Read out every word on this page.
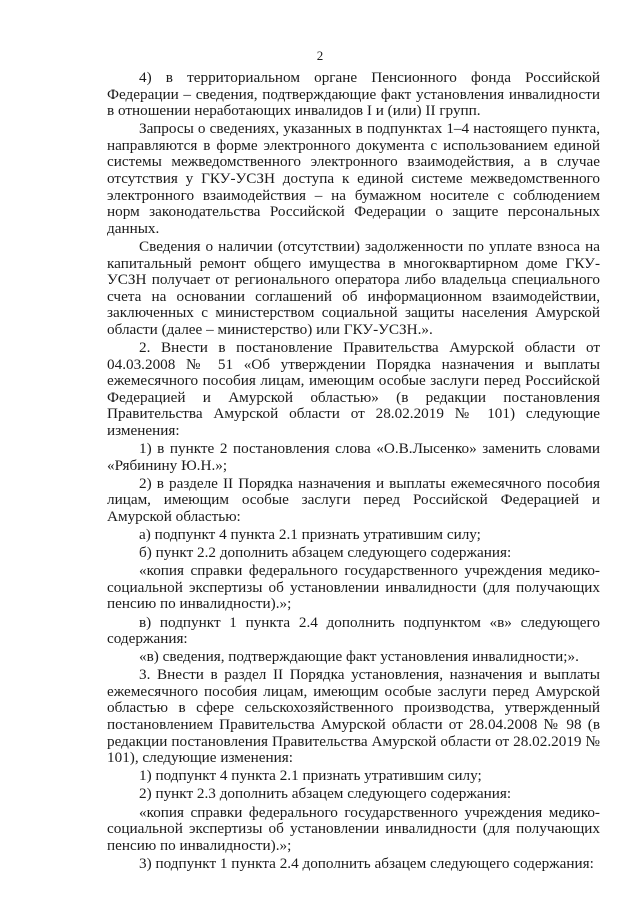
2

4) в территориальном органе Пенсионного фонда Российской Федерации – сведения, подтверждающие факт установления инвалидности в отношении неработающих инвалидов I и (или) II групп.

Запросы о сведениях, указанных в подпунктах 1–4 настоящего пункта, направляются в форме электронного документа с использованием единой системы межведомственного электронного взаимодействия, а в случае отсутствия у ГКУ-УСЗН доступа к единой системе межведомственного электронного взаимодействия – на бумажном носителе с соблюдением норм законодательства Российской Федерации о защите персональных данных.

Сведения о наличии (отсутствии) задолженности по уплате взноса на капитальный ремонт общего имущества в многоквартирном доме ГКУ-УСЗН получает от регионального оператора либо владельца специального счета на основании соглашений об информационном взаимодействии, заключенных с министерством социальной защиты населения Амурской области (далее – министерство) или ГКУ-УСЗН.».

2. Внести в постановление Правительства Амурской области от 04.03.2008 № 51 «Об утверждении Порядка назначения и выплаты ежемесячного пособия лицам, имеющим особые заслуги перед Российской Федерацией и Амурской областью» (в редакции постановления Правительства Амурской области от 28.02.2019 № 101) следующие изменения:

1) в пункте 2 постановления слова «О.В.Лысенко» заменить словами «Рябинину Ю.Н.»;

2) в разделе II Порядка назначения и выплаты ежемесячного пособия лицам, имеющим особые заслуги перед Российской Федерацией и Амурской областью:

а) подпункт 4 пункта 2.1 признать утратившим силу;

б) пункт 2.2 дополнить абзацем следующего содержания:

«копия справки федерального государственного учреждения медико-социальной экспертизы об установлении инвалидности (для получающих пенсию по инвалидности).»;

в) подпункт 1 пункта 2.4 дополнить подпунктом «в» следующего содержания:

«в) сведения, подтверждающие факт установления инвалидности;».

3. Внести в раздел II Порядка установления, назначения и выплаты ежемесячного пособия лицам, имеющим особые заслуги перед Амурской областью в сфере сельскохозяйственного производства, утвержденный постановлением Правительства Амурской области от 28.04.2008 № 98 (в редакции постановления Правительства Амурской области от 28.02.2019 № 101), следующие изменения:

1) подпункт 4 пункта 2.1 признать утратившим силу;

2) пункт 2.3 дополнить абзацем следующего содержания:

«копия справки федерального государственного учреждения медико-социальной экспертизы об установлении инвалидности (для получающих пенсию по инвалидности).»;

3) подпункт 1 пункта 2.4 дополнить абзацем следующего содержания:
